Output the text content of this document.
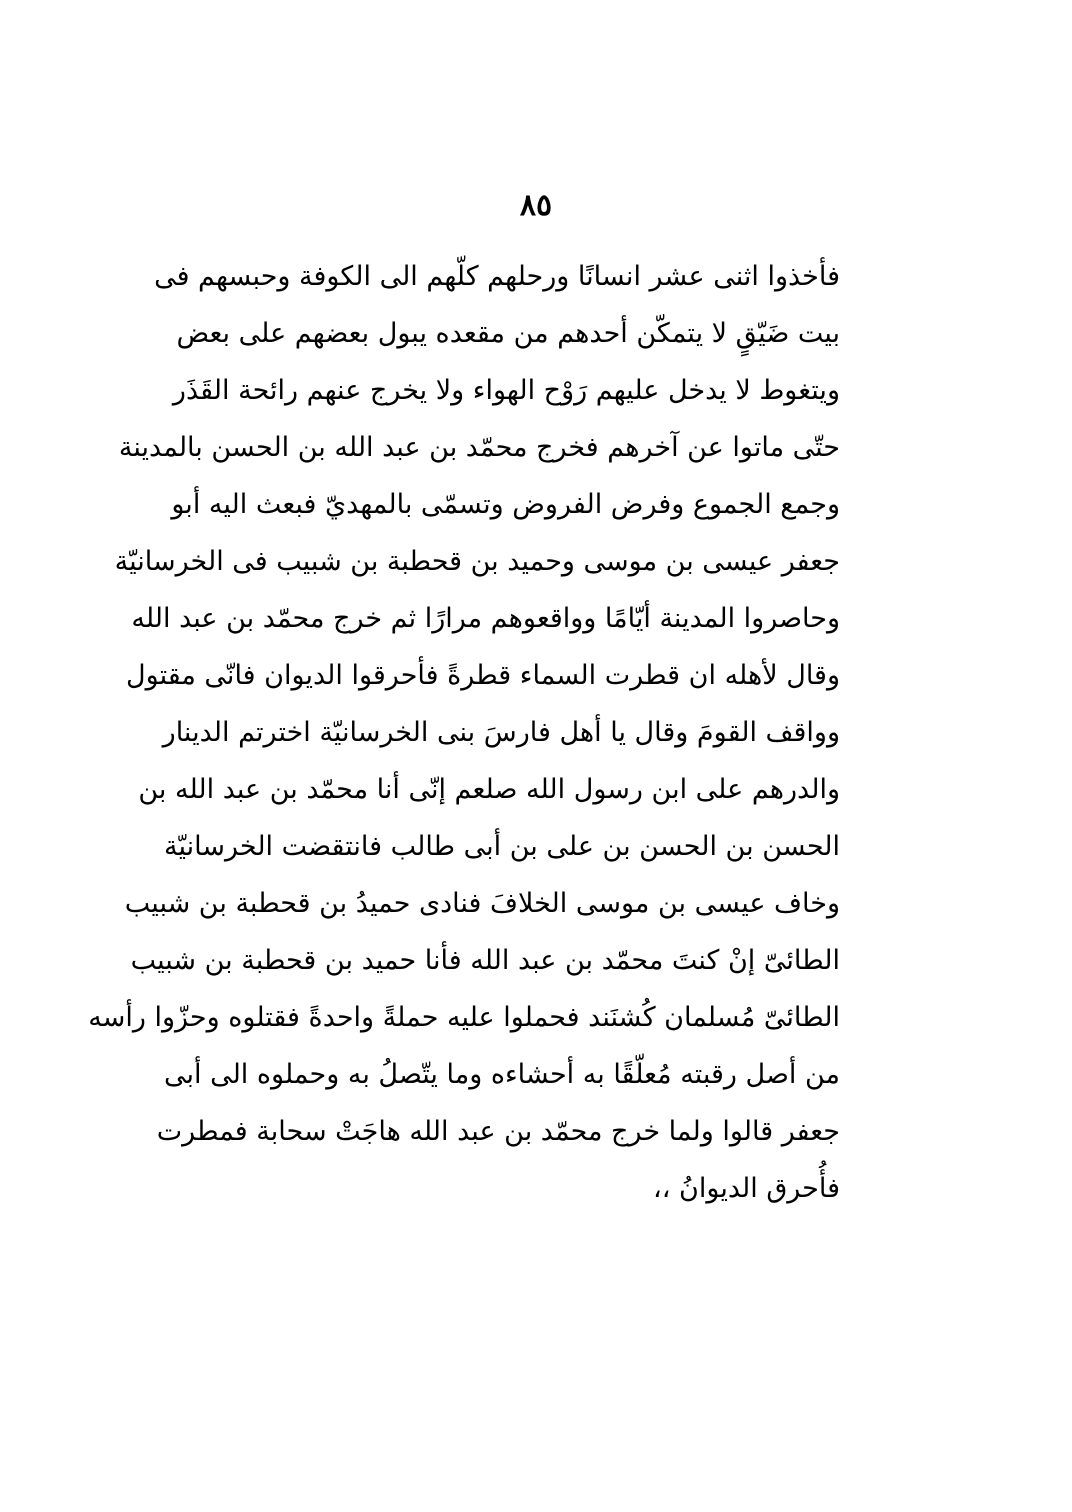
٨٥
فأخذوا اثنى عشر انسانًا ورحلهم كلّهم الى الكوفة وحبسهم فى
بيت ضَيّقٍ لا يتمكّن أحدهم من مقعده يبول بعضهم على بعض
ويتغوط لا يدخل عليهم رَوْح الهواء ولا يخرج عنهم رائحة القَذَر
حتّى ماتوا عن آخرهم فخرج محمّد بن عبد الله بن الحسن بالمدينة
وجمع الجموع وفرض الفروض وتسمّى بالمهديّ فبعث اليه أبو
جعفر عيسى بن موسى وحميد بن قحطبة بن شبيب فى الخرسانيّة
وحاصروا المدينة أيّامًا وواقعوهم مرارًا ثم خرج محمّد بن عبد الله
وقال لأهله ان قطرت السماء قطرةً فأحرقوا الديوان فانّى مقتول
وواقف القومَ وقال يا أهل فارسَ بنى الخرسانيّة اخترتم الدينار
والدرهم على ابن رسول الله صلعم إنّى أنا محمّد بن عبد الله بن
الحسن بن الحسن بن على بن أبى طالب فانتقضت الخرسانيّة
وخاف عيسى بن موسى الخلافَ فنادى حميدُ بن قحطبة بن شبيب
الطائىّ إنْ كنتَ محمّد بن عبد الله فأنا حميد بن قحطبة بن شبيب
الطائىّ مُسلمان كُشنَند فحملوا عليه حملةً واحدةً فقتلوه وحزّوا رأسه
من أصل رقبته مُعلّقًا به أحشاءه وما يتّصلُ به وحملوه الى أبى
جعفر قالوا ولما خرج محمّد بن عبد الله هاجَتْ سحابة فمطرت
فأُحرق الديوانُ ،،
